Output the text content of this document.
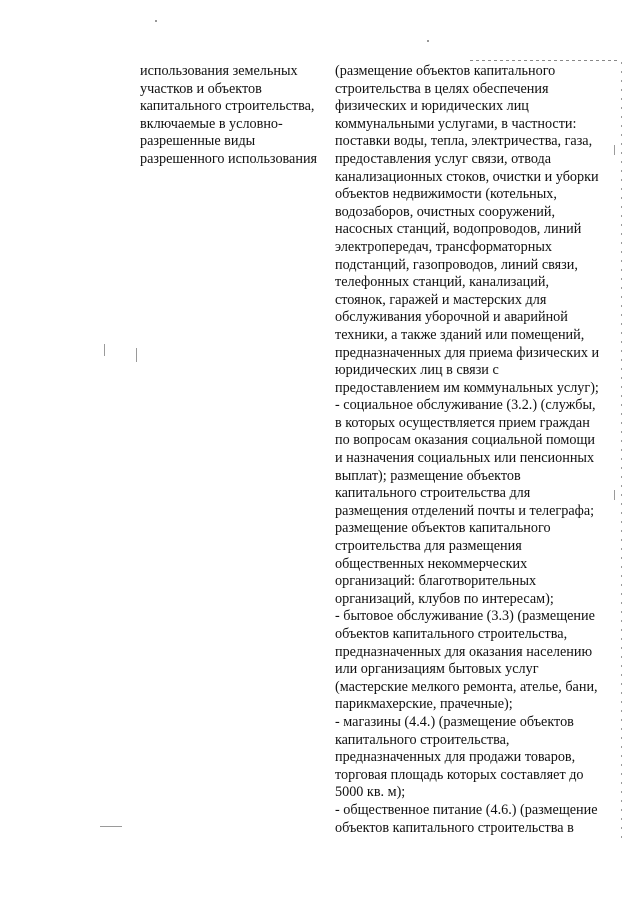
использования земельных
участков и объектов
капитального строительства,
включаемые в условно-
разрешенные виды
разрешенного использования
(размещение объектов капитального
строительства в целях обеспечения
физических и юридических лиц
коммунальными услугами, в частности:
поставки воды, тепла, электричества, газа,
предоставления услуг связи, отвода
канализационных стоков, очистки и уборки
объектов недвижимости (котельных,
водозаборов, очистных сооружений,
насосных станций, водопроводов, линий
электропередач, трансформаторных
подстанций, газопроводов, линий связи,
телефонных станций, канализаций,
стоянок, гаражей и мастерских для
обслуживания уборочной и аварийной
техники, а также зданий или помещений,
предназначенных для приема физических и
юридических лиц в связи с
предоставлением им коммунальных услуг);
- социальное обслуживание (3.2.) (службы,
в которых осуществляется прием граждан
по вопросам оказания социальной помощи
и назначения социальных или пенсионных
выплат); размещение объектов
капитального строительства для
размещения отделений почты и телеграфа;
размещение объектов капитального
строительства для размещения
общественных некоммерческих
организаций: благотворительных
организаций, клубов по интересам);
- бытовое обслуживание (3.3) (размещение
объектов капитального строительства,
предназначенных для оказания населению
или организациям бытовых услуг
(мастерские мелкого ремонта, ателье, бани,
парикмахерские, прачечные);
- магазины (4.4.) (размещение объектов
капитального строительства,
предназначенных для продажи товаров,
торговая площадь которых составляет до
5000 кв. м);
- общественное питание (4.6.) (размещение
объектов капитального строительства в
